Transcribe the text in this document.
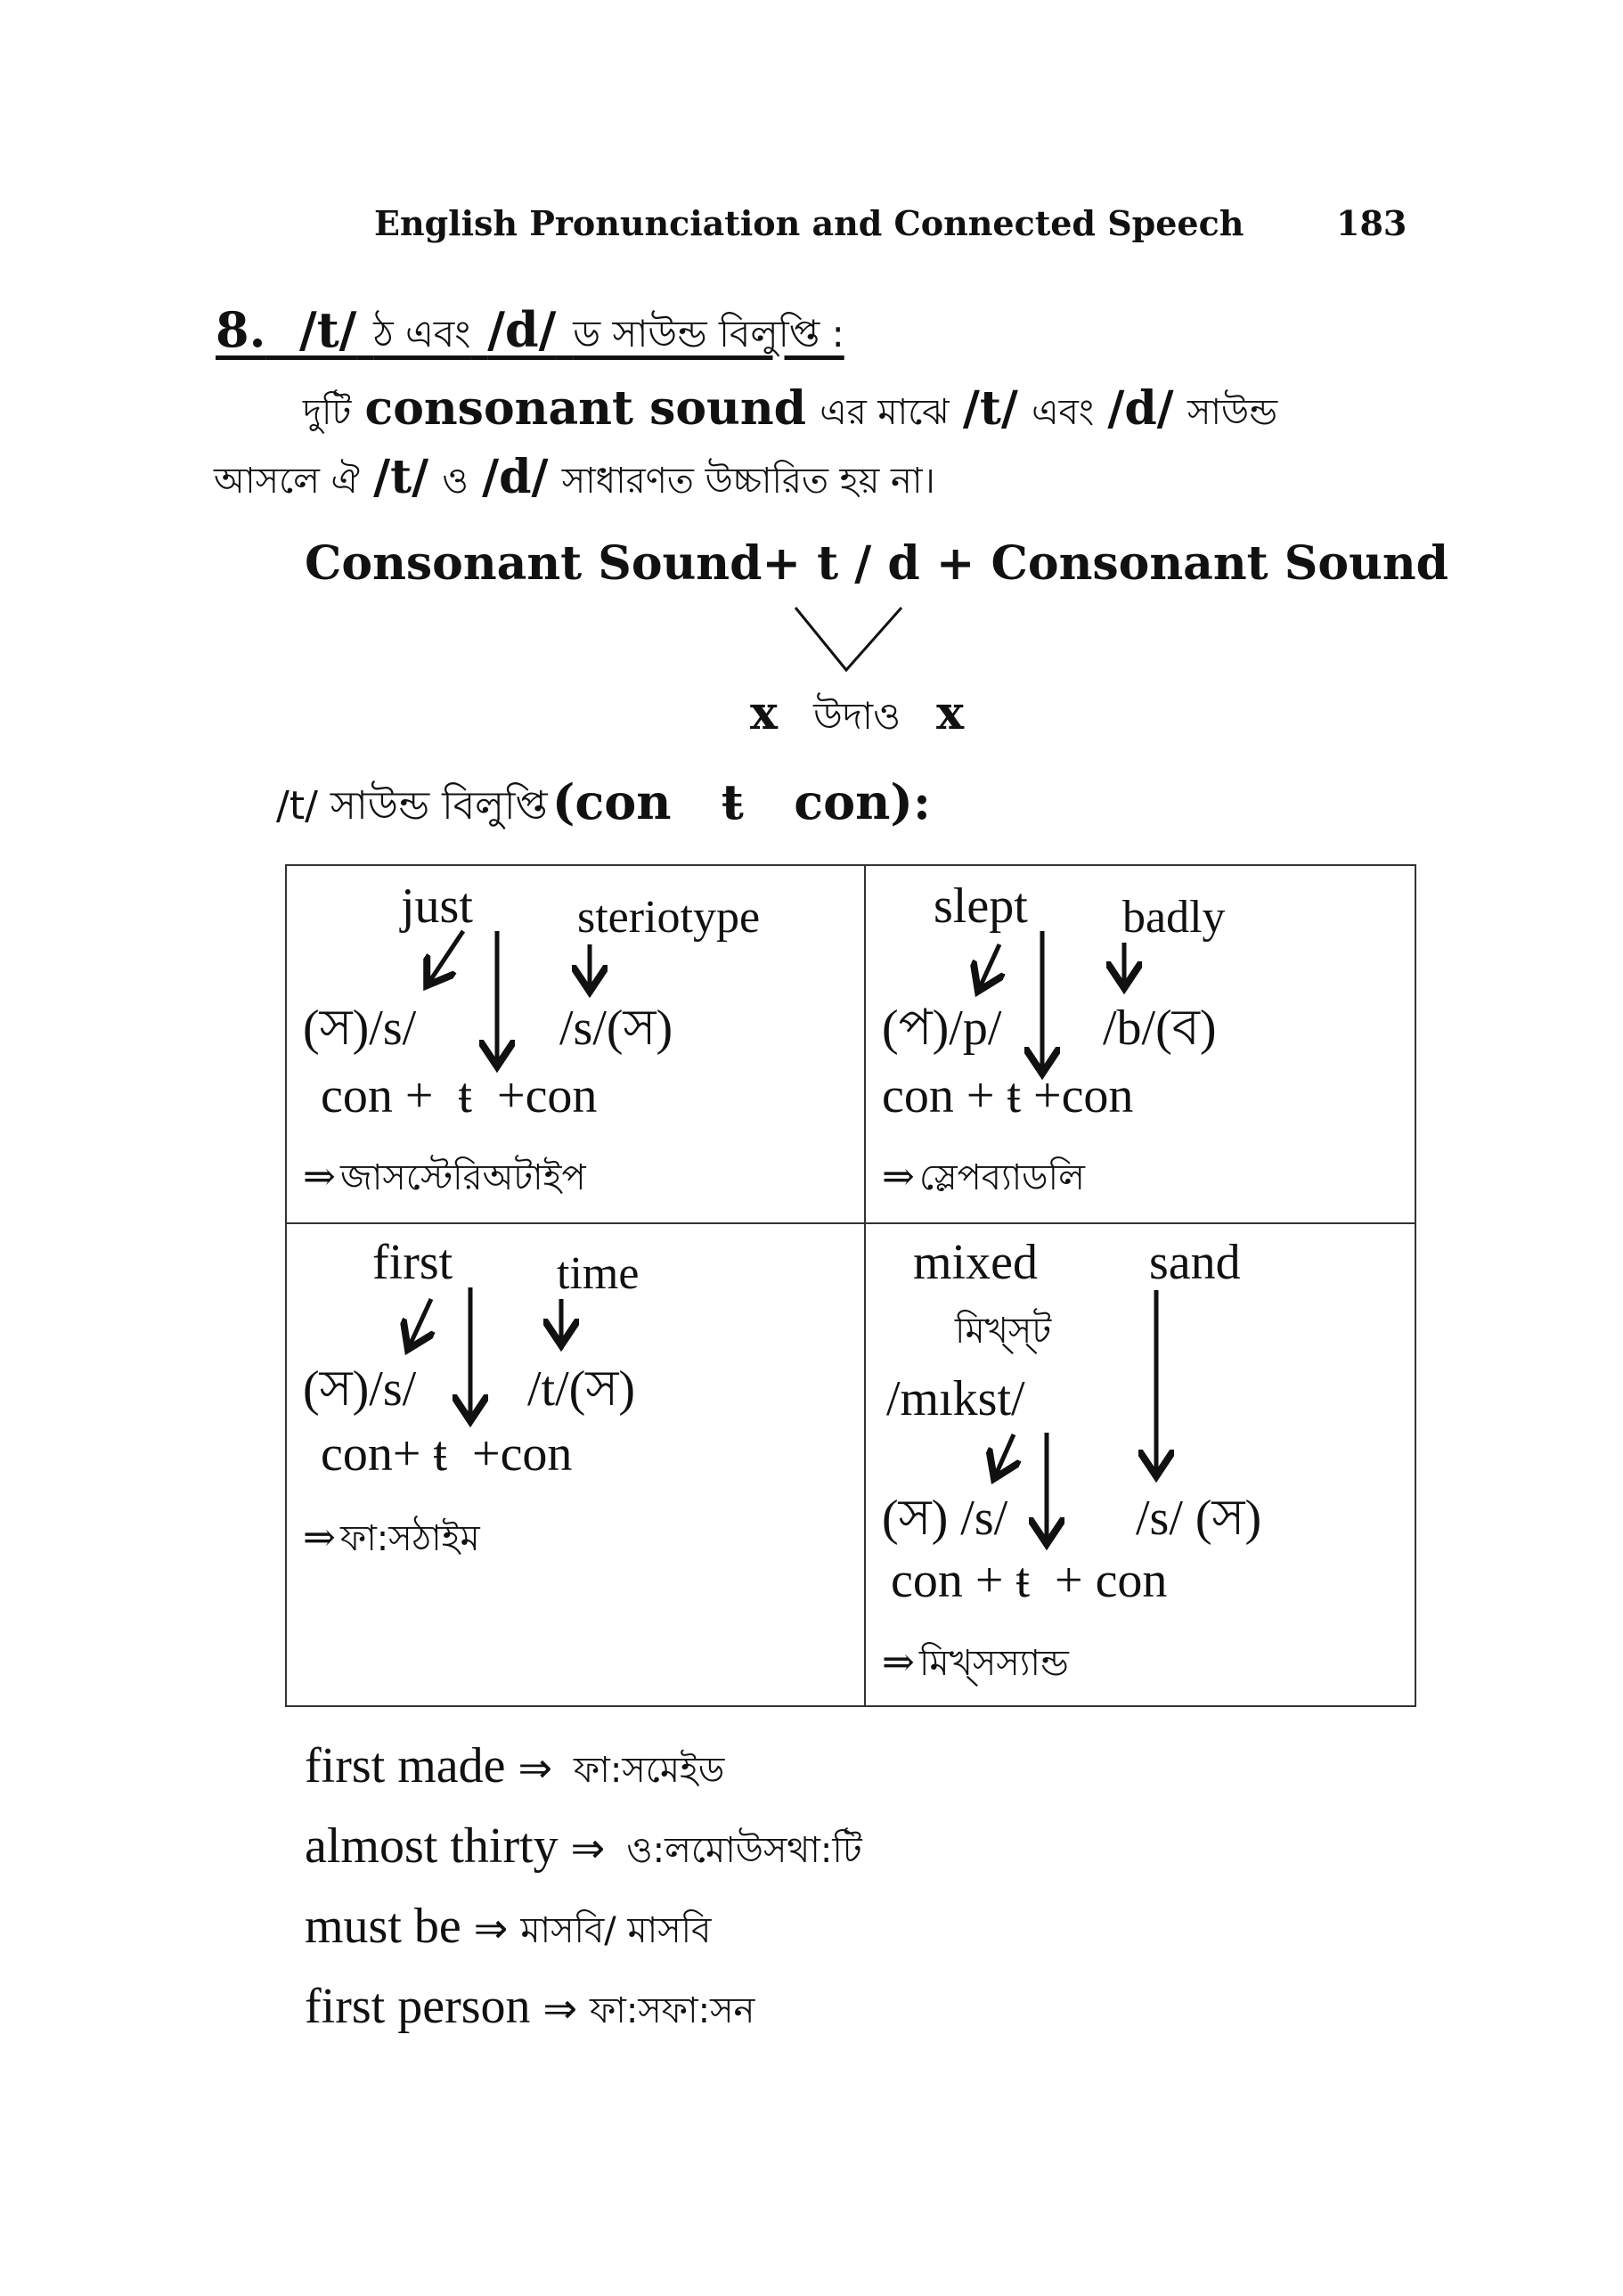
English Pronunciation and Connected Speech	183
8. /t/ ঠ এবং /d/ ড সাউন্ড বিলুপ্তি :
দুটি consonant sound এর মাঝে /t/ এবং /d/ সাউন্ড
আসলে ঐ /t/ ও /d/ সাধারণত উচ্চারিত হয় না।
Consonant Sound+ t / d + Consonant Sound
x উদাও x
/t/ সাউন্ড বিলুপ্তি (con   ŧ   con):
just steriotype
(স)/s/	/s/(স)
con +  ŧ  +con
⇒ জাসস্টেরিঅটাইপ
slept badly
(প)/p/ /b/(ব)
con + ŧ +con
⇒ স্লেপব্যাডলি
first time
(স)/s/ /t/(স)
con+ ŧ  +con
⇒ ফা:সঠাইম
mixed sand
মিখ্‌স্‌ট
/mıkst/
(স) /s/	/s/ (স)
con + ŧ  + con
⇒ মিখ্‌সস্যান্ড
first made ⇒ ফা:সমেইড
almost thirty ⇒ ও:লমোউসথা:টি
must be ⇒ মাসবি/ মাসবি
first person ⇒ ফা:সফা:সন
